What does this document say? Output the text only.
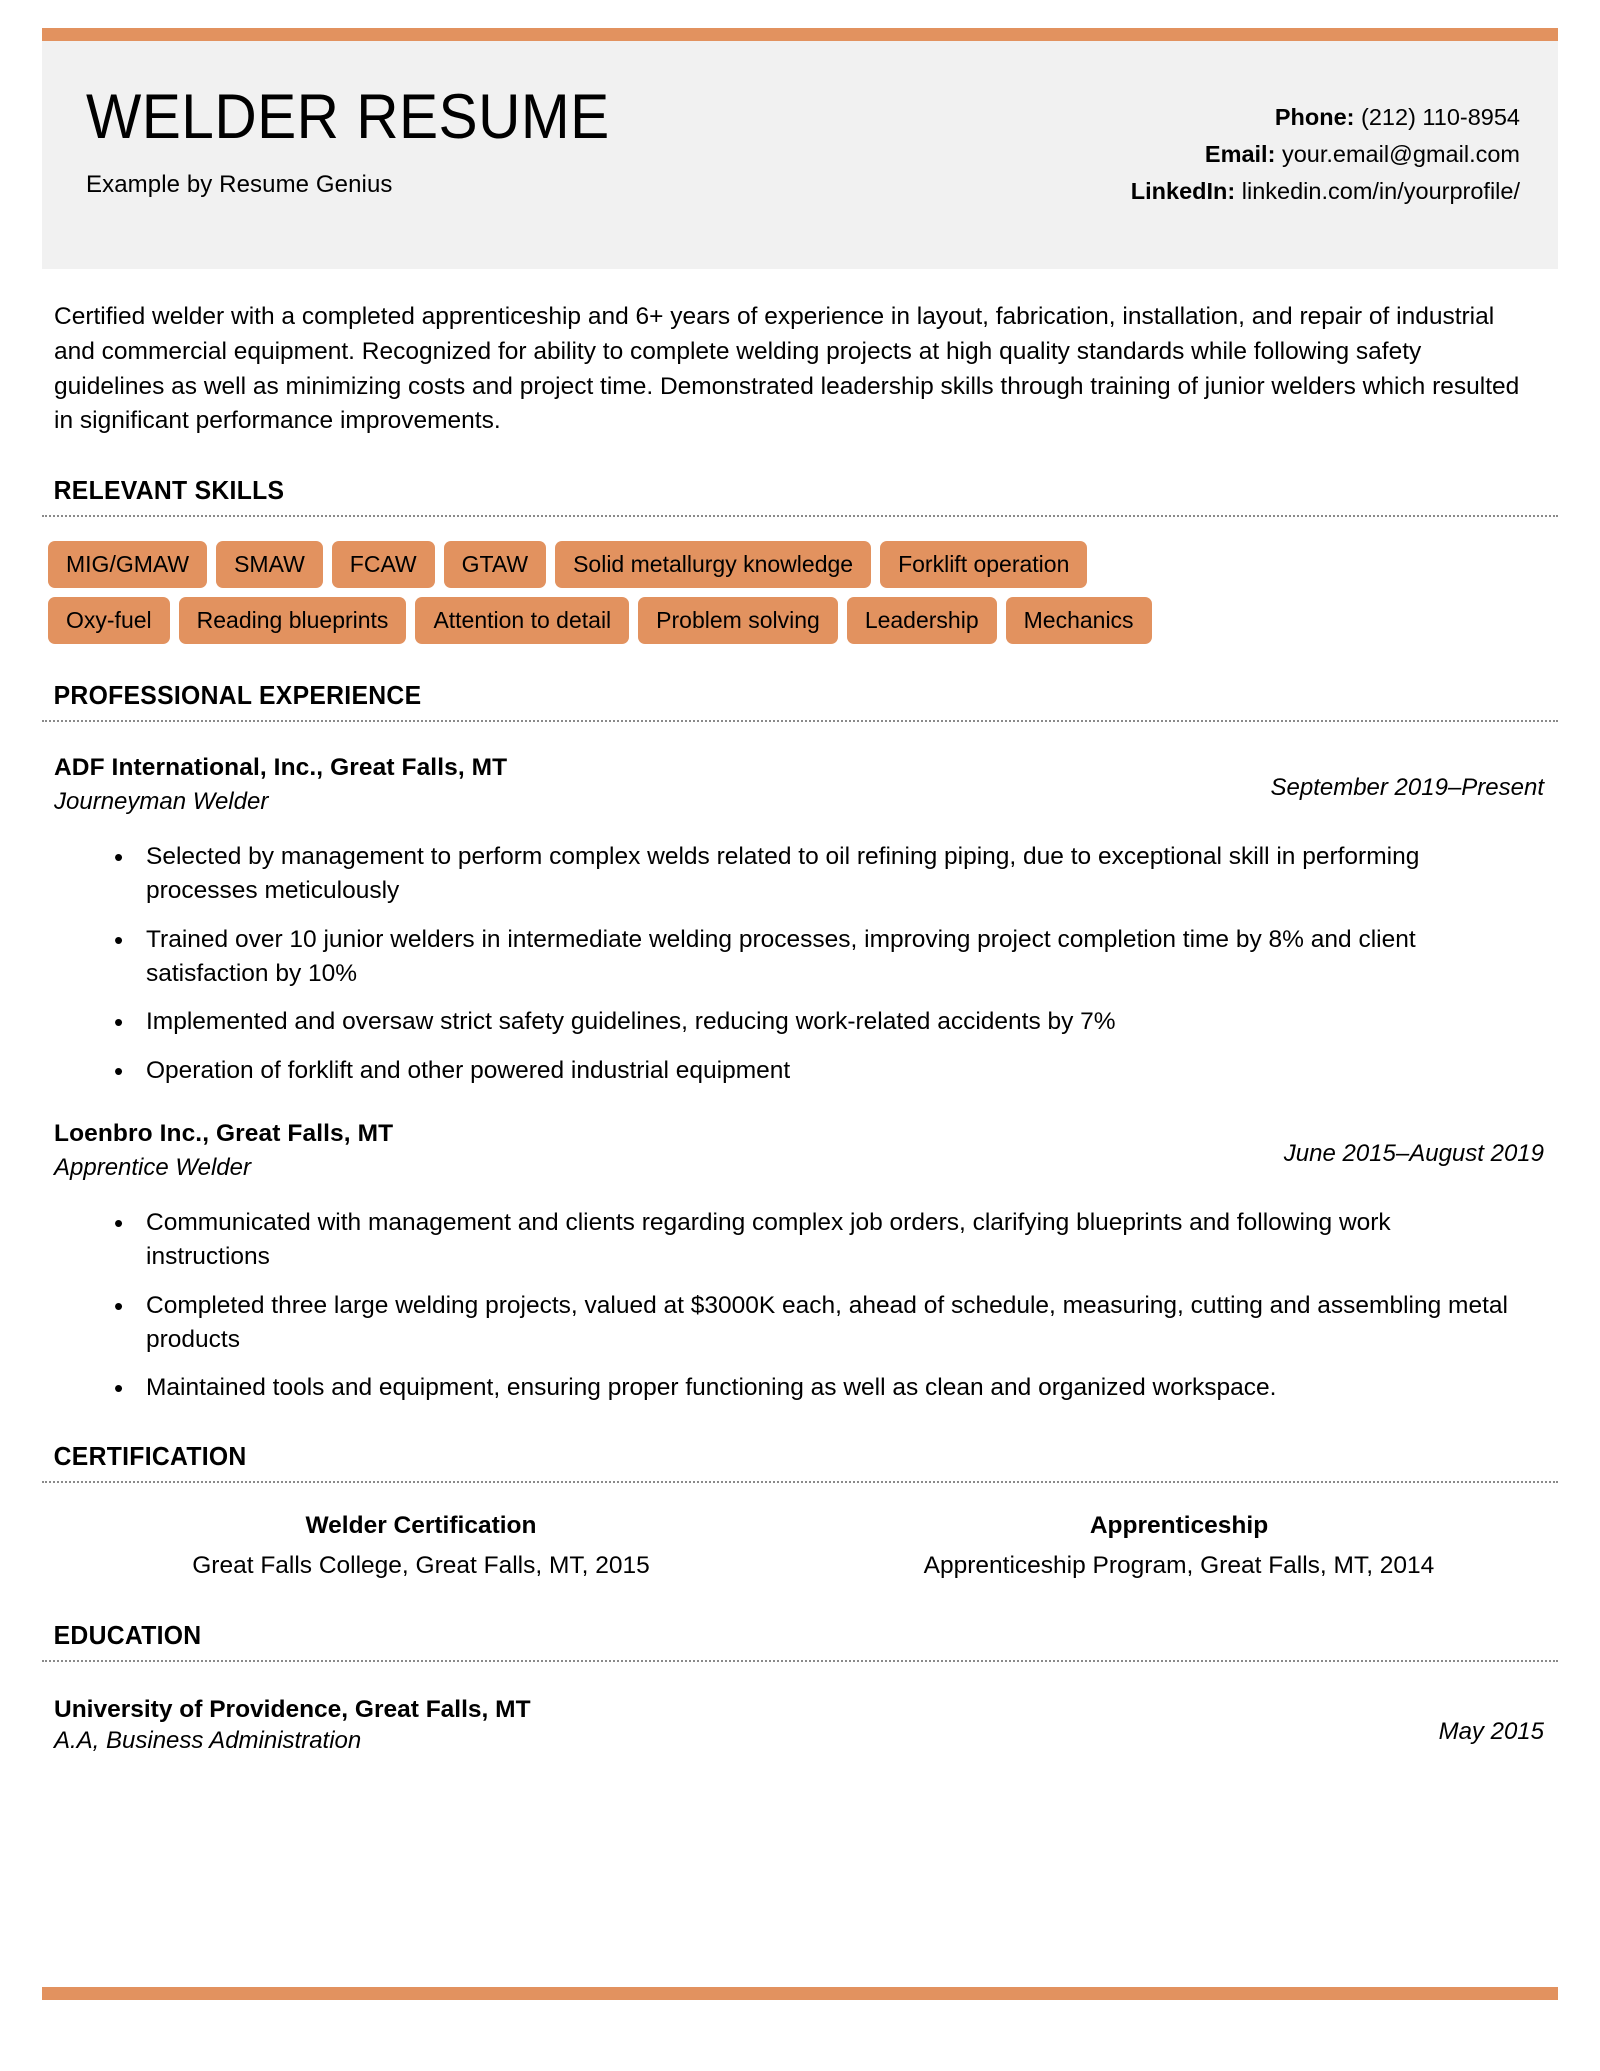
WELDER RESUME
Example by Resume Genius
Phone: (212) 110-8954
Email: your.email@gmail.com
LinkedIn: linkedin.com/in/yourprofile/
Certified welder with a completed apprenticeship and 6+ years of experience in layout, fabrication, installation, and repair of industrial and commercial equipment. Recognized for ability to complete welding projects at high quality standards while following safety guidelines as well as minimizing costs and project time. Demonstrated leadership skills through training of junior welders which resulted in significant performance improvements.
RELEVANT SKILLS
MIG/GMAW	SMAW	FCAW	GTAW	Solid metallurgy knowledge	Forklift operation
Oxy-fuel	Reading blueprints	Attention to detail	Problem solving	Leadership	Mechanics
PROFESSIONAL EXPERIENCE
ADF International, Inc., Great Falls, MT
Journeyman Welder
September 2019–Present
• Selected by management to perform complex welds related to oil refining piping, due to exceptional skill in performing processes meticulously
• Trained over 10 junior welders in intermediate welding processes, improving project completion time by 8% and client satisfaction by 10%
• Implemented and oversaw strict safety guidelines, reducing work-related accidents by 7%
• Operation of forklift and other powered industrial equipment
Loenbro Inc., Great Falls, MT
Apprentice Welder
June 2015–August 2019
• Communicated with management and clients regarding complex job orders, clarifying blueprints and following work instructions
• Completed three large welding projects, valued at $3000K each, ahead of schedule, measuring, cutting and assembling metal products
• Maintained tools and equipment, ensuring proper functioning as well as clean and organized workspace.
CERTIFICATION
Welder Certification
Great Falls College, Great Falls, MT, 2015
Apprenticeship
Apprenticeship Program, Great Falls, MT, 2014
EDUCATION
University of Providence, Great Falls, MT
A.A, Business Administration	May 2015
